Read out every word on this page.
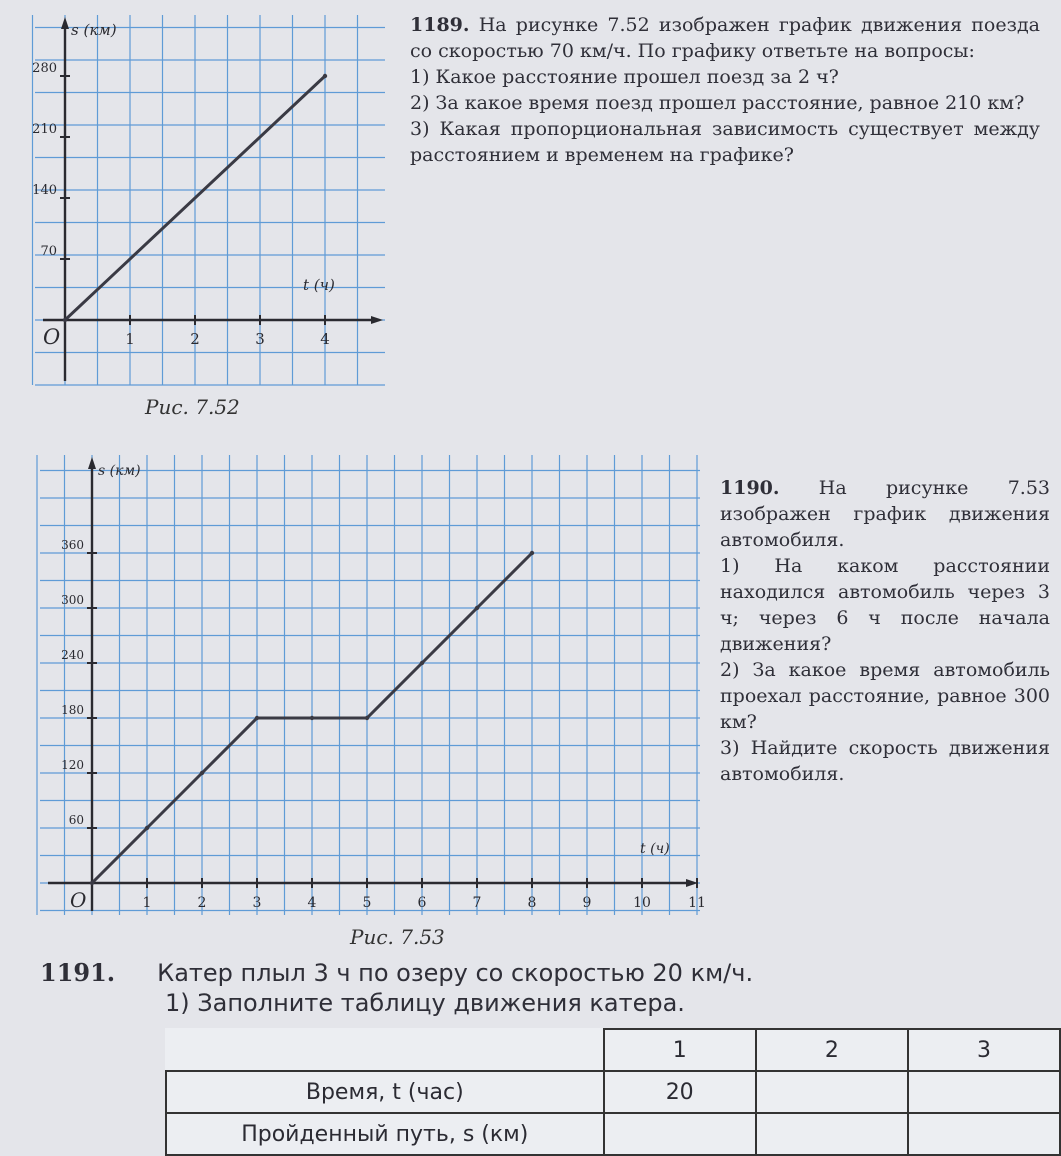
1	2	3	4
70
140
210
280
O
s (км)
t (ч)
Рис. 7.52

1189. На рисунке 7.52 изображен график движения поезда со скоростью 70 км/ч. По графику ответьте на вопросы:

1) Какое расстояние прошел поезд за 2 ч?

2) За какое время поезд прошел расстояние, равное 210 км?

3) Какая пропорциональная зависимость существует между расстоянием и временем на графике?

1	2	3	4	5	6	7	8	9	10	11
60
120
180
240
300
360
O
s (км)
t (ч)
Рис. 7.53

1190. На рисунке 7.53 изображен график движения автомобиля.

1) На каком расстоянии находился автомобиль через 3 ч; через 6 ч после начала движения?

2) За какое время автомобиль проехал расстояние, равное 300 км?

3) Найдите скорость движения автомобиля.

1191. Катер плыл 3 ч по озеру со скоростью 20 км/ч.

1) Заполните таблицу движения катера.

	1	2	3
Время, t (час)	20		
Пройденный путь, s (км)			
